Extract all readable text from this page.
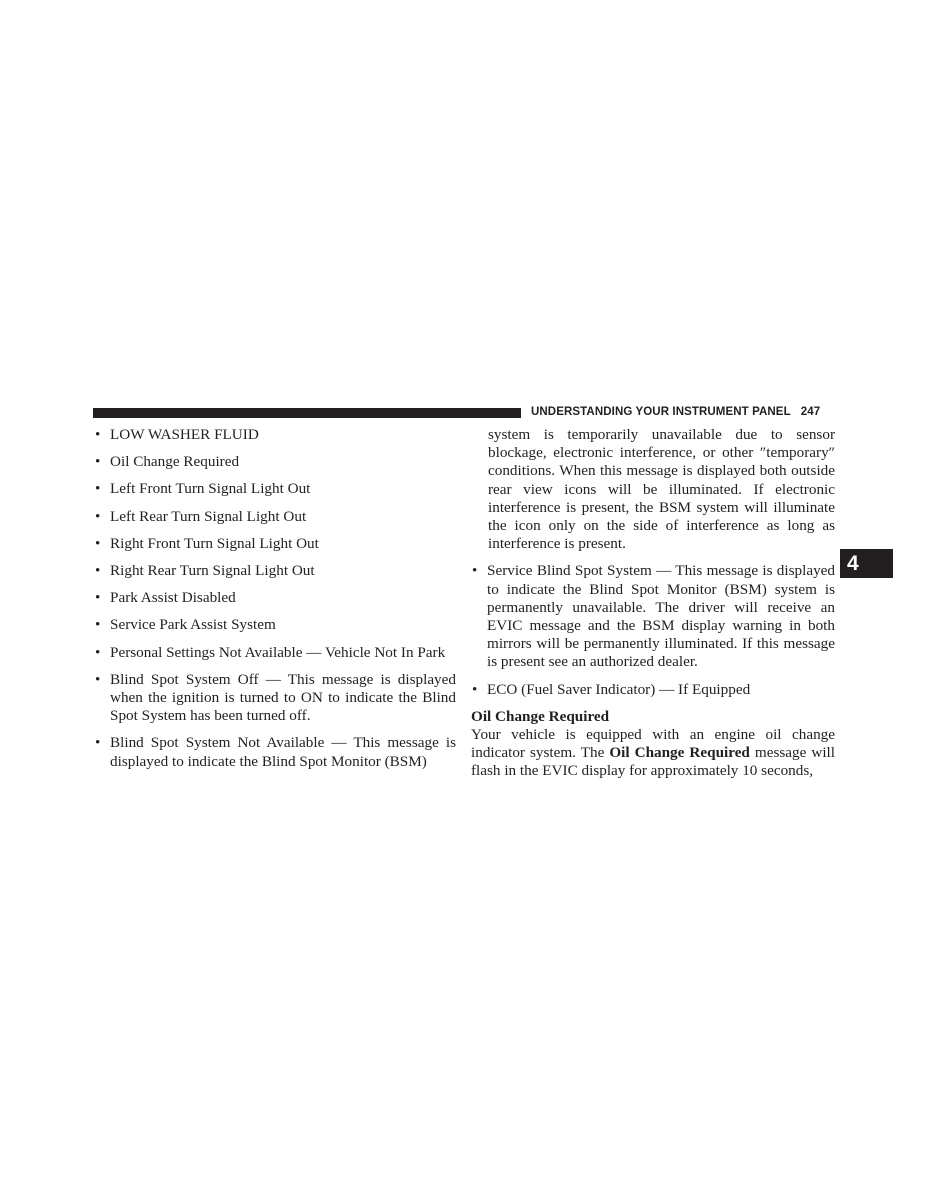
UNDERSTANDING YOUR INSTRUMENT PANEL 247
4
• LOW WASHER FLUID
• Oil Change Required
• Left Front Turn Signal Light Out
• Left Rear Turn Signal Light Out
• Right Front Turn Signal Light Out
• Right Rear Turn Signal Light Out
• Park Assist Disabled
• Service Park Assist System
• Personal Settings Not Available — Vehicle Not In Park
• Blind Spot System Off — This message is displayed when the ignition is turned to ON to indicate the Blind Spot System has been turned off.
• Blind Spot System Not Available — This message is displayed to indicate the Blind Spot Monitor (BSM)

system is temporarily unavailable due to sensor blockage, electronic interference, or other ″temporary″ conditions. When this message is displayed both outside rear view icons will be illuminated. If electronic interference is present, the BSM system will illuminate the icon only on the side of interference as long as interference is present.

• Service Blind Spot System — This message is displayed to indicate the Blind Spot Monitor (BSM) system is permanently unavailable. The driver will receive an EVIC message and the BSM display warning in both mirrors will be permanently illuminated. If this message is present see an authorized dealer.
• ECO (Fuel Saver Indicator) — If Equipped

Oil Change Required

Your vehicle is equipped with an engine oil change indicator system. The Oil Change Required message will flash in the EVIC display for approximately 10 seconds,
